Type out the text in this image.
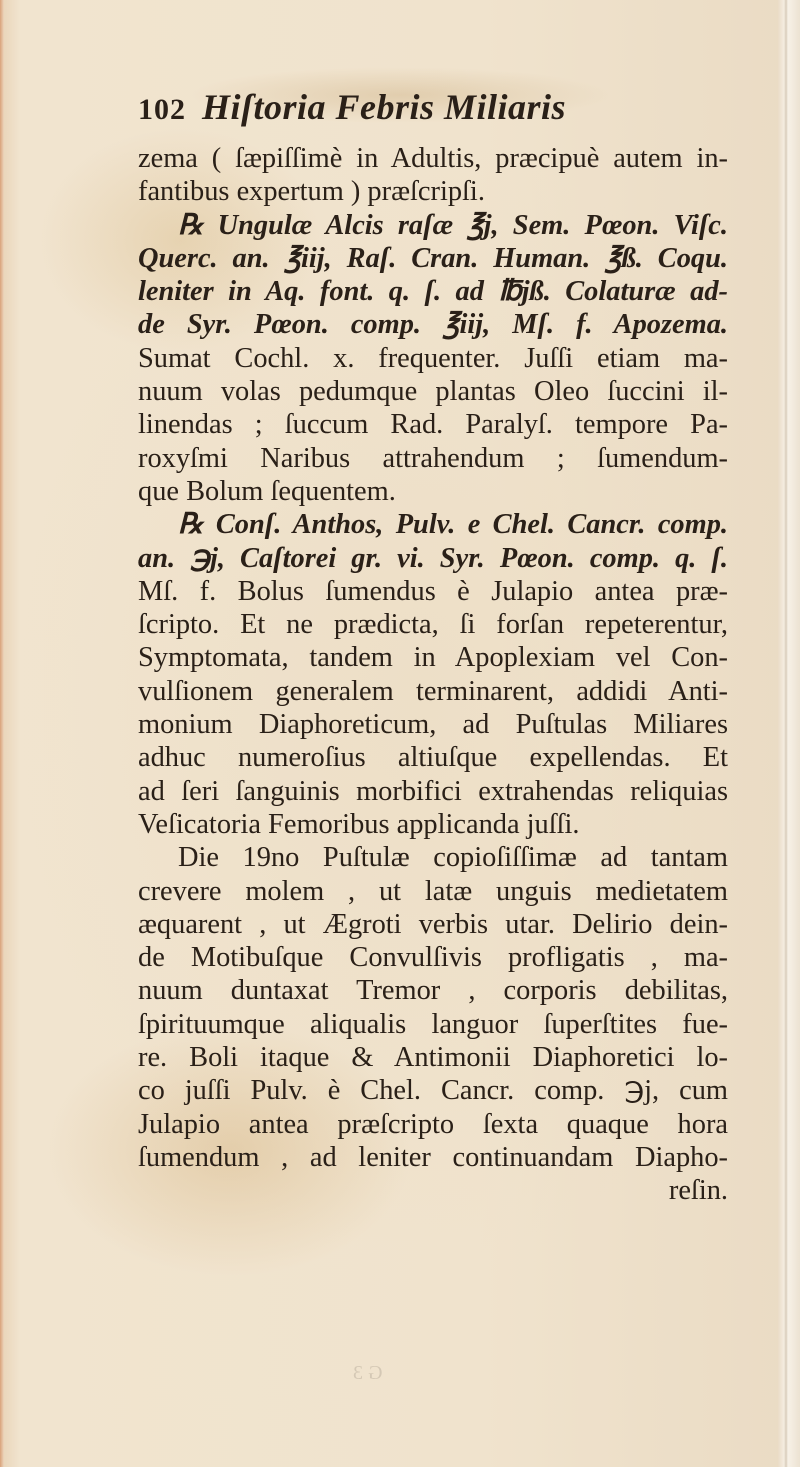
102 Hiſtoria Febris Miliaris
zema ( ſæpiſſimè in Adultis, præcipuè autem in-
fantibus expertum ) præſcripſi.
℞ Ungulæ Alcis raſæ ℥j, Sem. Pœon. Viſc.
Querc. an. ℥iij, Raſ. Cran. Human. ℥ß. Coqu.
leniter in Aq. font. q. ſ. ad ℔jß. Colaturæ ad-
de Syr. Pœon. comp. ℥iij, Mſ. f. Apozema.
Sumat Cochl. x. frequenter. Juſſi etiam ma-
nuum volas pedumque plantas Oleo ſuccini il-
linendas ; ſuccum Rad. Paralyſ. tempore Pa-
roxyſmi Naribus attrahendum ; ſumendum-
que Bolum ſequentem.
℞ Conſ. Anthos, Pulv. e Chel. Cancr. comp.
an. ℈j, Caſtorei gr. vi. Syr. Pœon. comp. q. ſ.
Mſ. f. Bolus ſumendus è Julapio antea præ-
ſcripto. Et ne prædicta, ſi forſan repeterentur,
Symptomata, tandem in Apoplexiam vel Con-
vulſionem generalem terminarent, addidi Anti-
monium Diaphoreticum, ad Puſtulas Miliares
adhuc numeroſius altiuſque expellendas. Et
ad ſeri ſanguinis morbifici extrahendas reliquias
Veſicatoria Femoribus applicanda juſſi.
Die 19no Puſtulæ copioſiſſimæ ad tantam
crevere molem , ut latæ unguis medietatem
æquarent , ut Ægroti verbis utar. Delirio dein-
de Motibuſque Convulſivis profligatis , ma-
nuum duntaxat Tremor , corporis debilitas,
ſpirituumque aliqualis languor ſuperſtites fue-
re. Boli itaque & Antimonii Diaphoretici lo-
co juſſi Pulv. è Chel. Cancr. comp. ℈j, cum
Julapio antea præſcripto ſexta quaque hora
ſumendum , ad leniter continuandam Diapho-
reſin.
G 3
